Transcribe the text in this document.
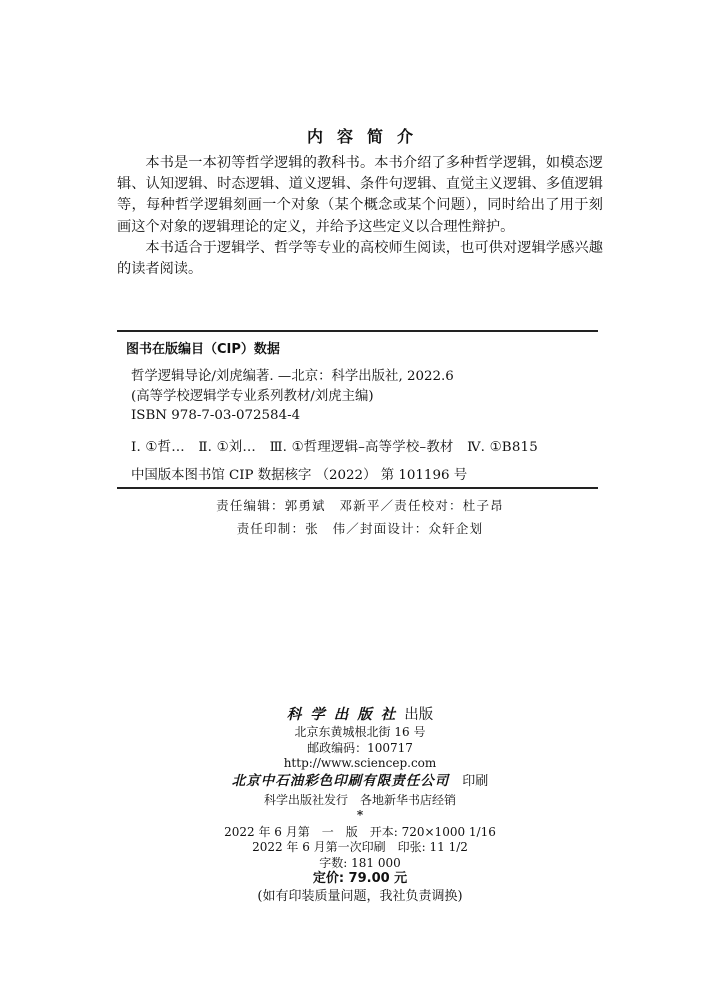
内容简介

本书是一本初等哲学逻辑的教科书。本书介绍了多种哲学逻辑，如模态逻辑、认知逻辑、时态逻辑、道义逻辑、条件句逻辑、直觉主义逻辑、多值逻辑等，每种哲学逻辑刻画一个对象（某个概念或某个问题），同时给出了用于刻画这个对象的逻辑理论的定义，并给予这些定义以合理性辩护。

本书适合于逻辑学、哲学等专业的高校师生阅读，也可供对逻辑学感兴趣的读者阅读。

图书在版编目（CIP）数据
哲学逻辑导论/刘虎编著. —北京：科学出版社, 2022.6
(高等学校逻辑学专业系列教材/刘虎主编)
ISBN 978-7-03-072584-4
Ⅰ. ①哲…　Ⅱ. ①刘…　Ⅲ. ①哲理逻辑–高等学校–教材　Ⅳ. ①B815
中国版本图书馆 CIP 数据核字 （2022） 第 101196 号
责任编辑：郭勇斌　邓新平／责任校对：杜子昂
责任印制：张　伟／封面设计：众轩企划
科学出版社出版
北京东黄城根北街 16 号
邮政编码：100717
http://www.sciencep.com
北京中石油彩色印刷有限责任公司　 印刷
科学出版社发行　各地新华书店经销
*
2022 年 6 月第　一　版　开本: 720×1000 1/16
2022 年 6 月第一次印刷　印张: 11 1/2
字数: 181 000
定价: 79.00 元
(如有印装质量问题，我社负责调换)
